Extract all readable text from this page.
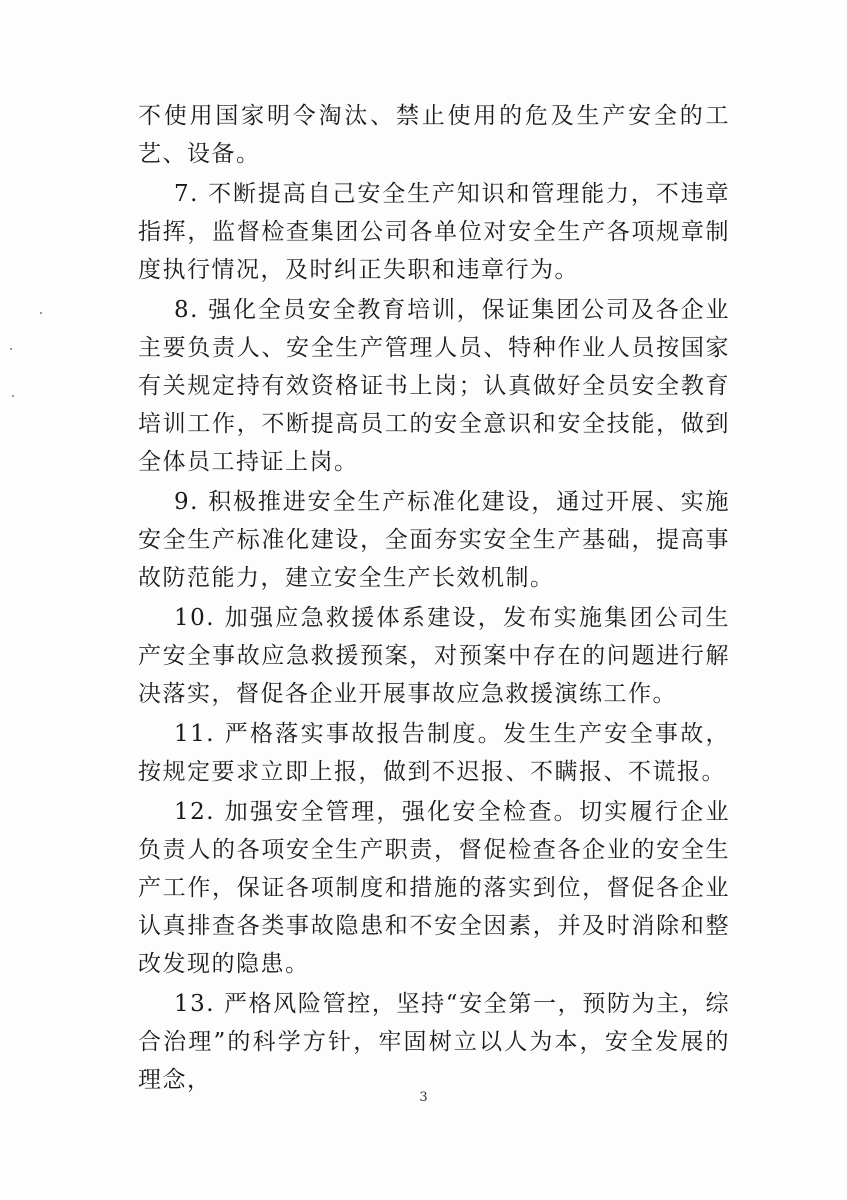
不使用国家明令淘汰、禁止使用的危及生产安全的工艺、设备。

7. 不断提高自己安全生产知识和管理能力，不违章指挥，监督检查集团公司各单位对安全生产各项规章制度执行情况，及时纠正失职和违章行为。

8. 强化全员安全教育培训，保证集团公司及各企业主要负责人、安全生产管理人员、特种作业人员按国家有关规定持有效资格证书上岗；认真做好全员安全教育培训工作，不断提高员工的安全意识和安全技能，做到全体员工持证上岗。

9. 积极推进安全生产标准化建设，通过开展、实施安全生产标准化建设，全面夯实安全生产基础，提高事故防范能力，建立安全生产长效机制。

10. 加强应急救援体系建设，发布实施集团公司生产安全事故应急救援预案，对预案中存在的问题进行解决落实，督促各企业开展事故应急救援演练工作。

11. 严格落实事故报告制度。发生生产安全事故，按规定要求立即上报，做到不迟报、不瞒报、不谎报。

12. 加强安全管理，强化安全检查。切实履行企业负责人的各项安全生产职责，督促检查各企业的安全生产工作，保证各项制度和措施的落实到位，督促各企业认真排查各类事故隐患和不安全因素，并及时消除和整改发现的隐患。

13. 严格风险管控，坚持“安全第一，预防为主，综合治理”的科学方针，牢固树立以人为本，安全发展的理念，

3
